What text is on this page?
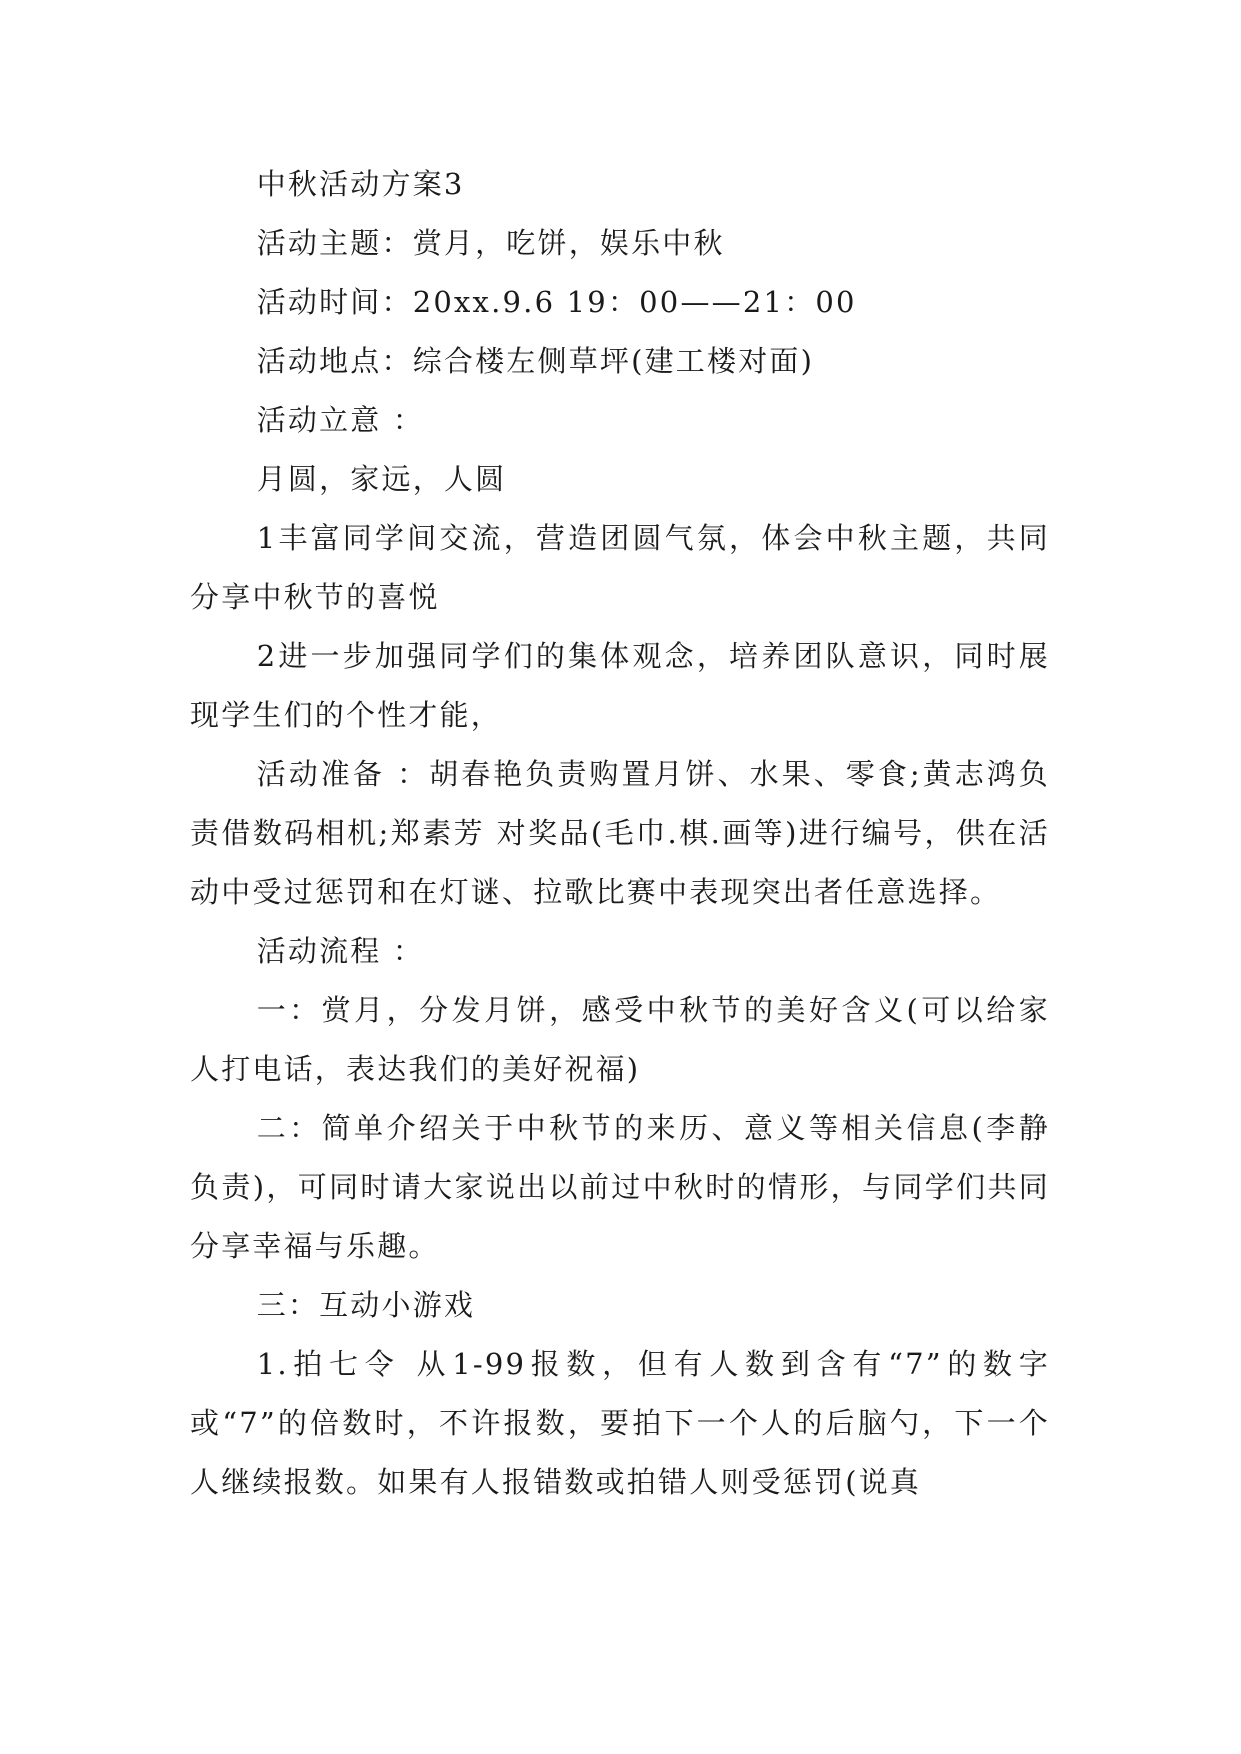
中秋活动方案3

活动主题：赏月，吃饼，娱乐中秋

活动时间：20xx.9.6 19：00——21：00

活动地点：综合楼左侧草坪(建工楼对面)

活动立意 ：

月圆，家远，人圆

1丰富同学间交流，营造团圆气氛，体会中秋主题，共同分享中秋节的喜悦

2进一步加强同学们的集体观念，培养团队意识，同时展现学生们的个性才能，

活动准备 ：胡春艳负责购置月饼、水果、零食;黄志鸿负责借数码相机;郑素芳 对奖品(毛巾.棋.画等)进行编号，供在活动中受过惩罚和在灯谜、拉歌比赛中表现突出者任意选择。

活动流程 ：

一：赏月，分发月饼，感受中秋节的美好含义(可以给家人打电话，表达我们的美好祝福)

二：简单介绍关于中秋节的来历、意义等相关信息(李静负责)，可同时请大家说出以前过中秋时的情形，与同学们共同分享幸福与乐趣。

三：互动小游戏

1.拍七令 从1-99报数，但有人数到含有“7”的数字或“7”的倍数时，不许报数，要拍下一个人的后脑勺，下一个人继续报数。如果有人报错数或拍错人则受惩罚(说真
